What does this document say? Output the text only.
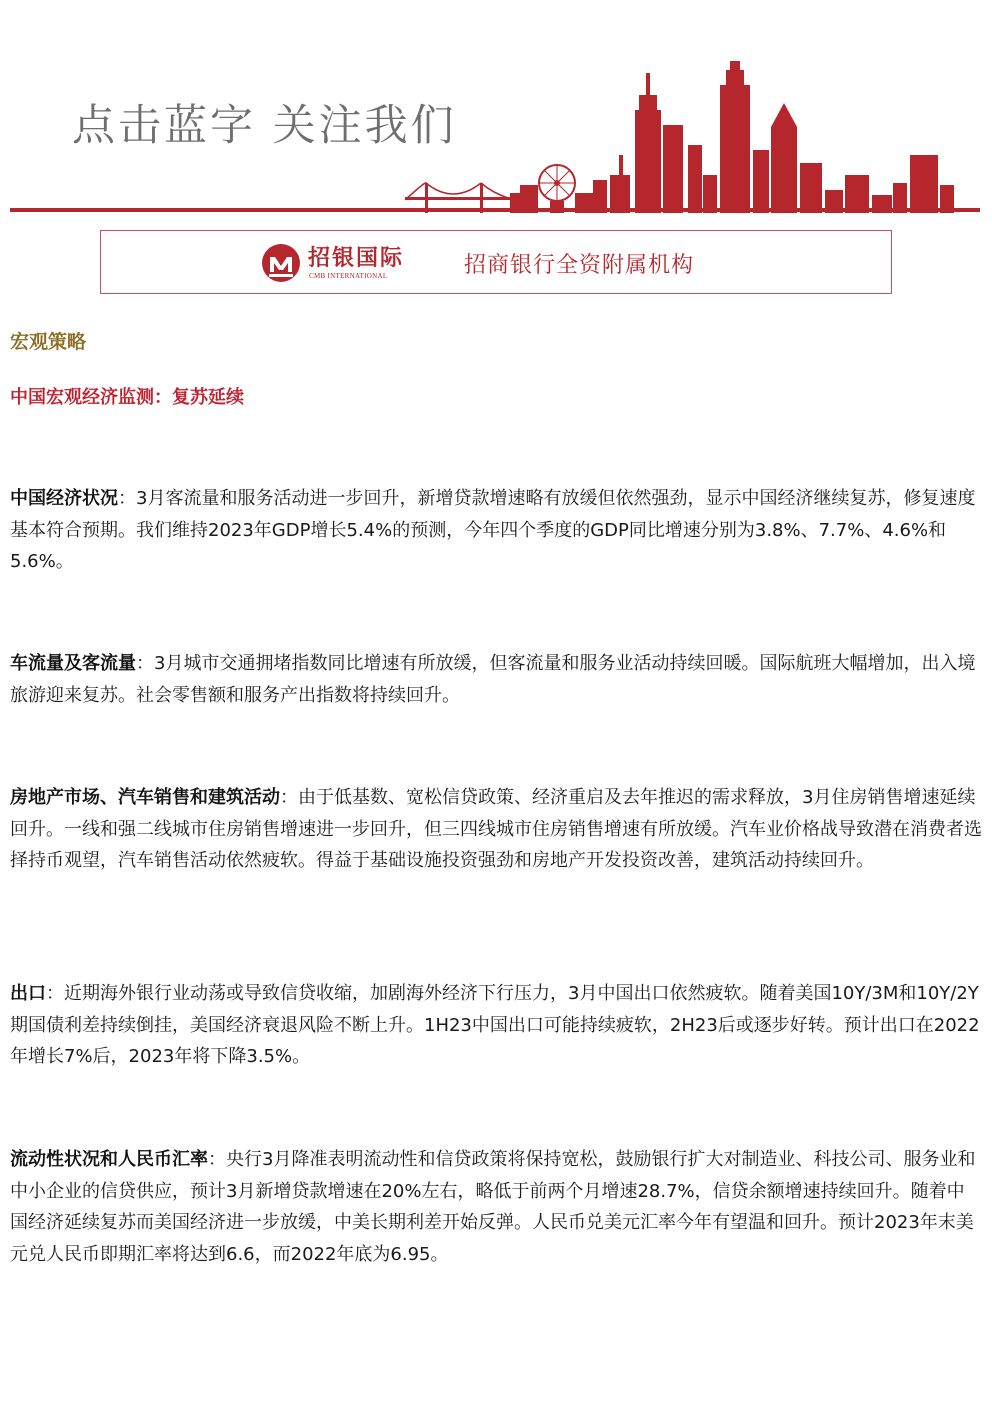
点击蓝字 关注我们
招银国际
CMB INTERNATIONAL	招商银行全资附属机构
宏观策略
中国宏观经济监测：复苏延续

中国经济状况：3月客流量和服务活动进一步回升，新增贷款增速略有放缓但依然强劲，显示中国经济继续复苏，修复速度基本符合预期。我们维持2023年GDP增长5.4%的预测，今年四个季度的GDP同比增速分别为3.8%、7.7%、4.6%和5.6%。

车流量及客流量：3月城市交通拥堵指数同比增速有所放缓，但客流量和服务业活动持续回暖。国际航班大幅增加，出入境旅游迎来复苏。社会零售额和服务产出指数将持续回升。

房地产市场、汽车销售和建筑活动：由于低基数、宽松信贷政策、经济重启及去年推迟的需求释放，3月住房销售增速延续回升。一线和强二线城市住房销售增速进一步回升，但三四线城市住房销售增速有所放缓。汽车业价格战导致潜在消费者选择持币观望，汽车销售活动依然疲软。得益于基础设施投资强劲和房地产开发投资改善，建筑活动持续回升。

出口：近期海外银行业动荡或导致信贷收缩，加剧海外经济下行压力，3月中国出口依然疲软。随着美国10Y/3M和10Y/2Y期国债利差持续倒挂，美国经济衰退风险不断上升。1H23中国出口可能持续疲软，2H23后或逐步好转。预计出口在2022年增长7%后，2023年将下降3.5%。

流动性状况和人民币汇率：央行3月降准表明流动性和信贷政策将保持宽松，鼓励银行扩大对制造业、科技公司、服务业和中小企业的信贷供应，预计3月新增贷款增速在20%左右，略低于前两个月增速28.7%，信贷余额增速持续回升。随着中国经济延续复苏而美国经济进一步放缓，中美长期利差开始反弹。人民币兑美元汇率今年有望温和回升。预计2023年末美元兑人民币即期汇率将达到6.6，而2022年底为6.95。
